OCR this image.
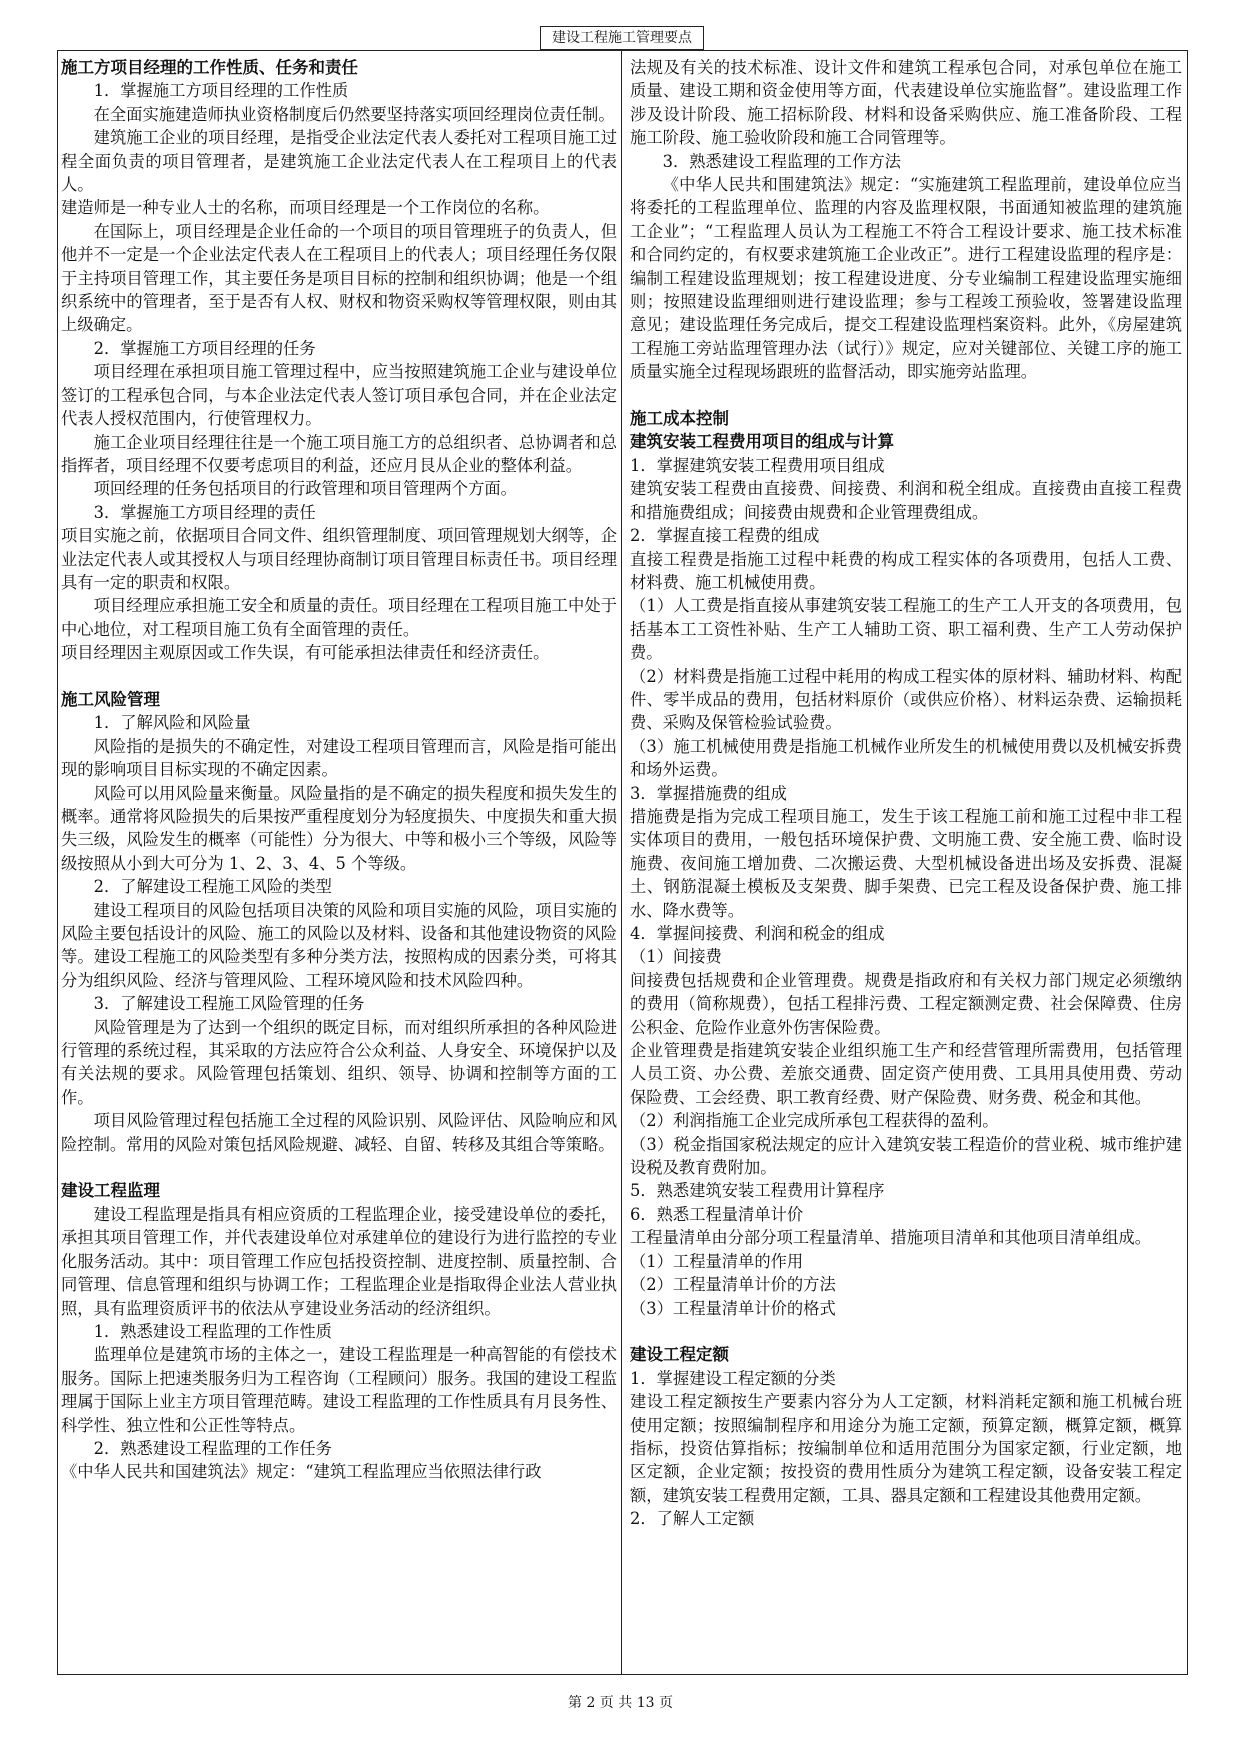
建设工程施工管理要点
施工方项目经理的工作性质、任务和责任

1．掌握施工方项目经理的工作性质

在全面实施建造师执业资格制度后仍然要坚持落实项回经理岗位责任制。

建筑施工企业的项目经理，是指受企业法定代表人委托对工程项目施工过程全面负责的项目管理者，是建筑施工企业法定代表人在工程项目上的代表人。

建造师是一种专业人士的名称，而项目经理是一个工作岗位的名称。

在国际上，项目经理是企业任命的一个项目的项目管理班子的负责人，但他并不一定是一个企业法定代表人在工程项目上的代表人；项目经理任务仅限于主持项目管理工作，其主要任务是项目目标的控制和组织协调；他是一个组织系统中的管理者，至于是否有人权、财权和物资采购权等管理权限，则由其上级确定。

2．掌握施工方项目经理的任务

项目经理在承担项目施工管理过程中，应当按照建筑施工企业与建设单位签订的工程承包合同，与本企业法定代表人签订项目承包合同，并在企业法定代表人授权范围内，行使管理权力。

施工企业项目经理往往是一个施工项目施工方的总组织者、总协调者和总指挥者，项目经理不仅要考虑项目的利益，还应月艮从企业的整体利益。

项回经理的任务包括项目的行政管理和项目管理两个方面。

3．掌握施工方项目经理的责任

项目实施之前，依据项目合同文件、组织管理制度、项回管理规划大纲等，企业法定代表人或其授权人与项目经理协商制订项目管理目标责任书。项目经理具有一定的职责和权限。

项目经理应承担施工安全和质量的责任。项目经理在工程项目施工中处于中心地位，对工程项目施工负有全面管理的责任。

项目经理因主观原因或工作失误，有可能承担法律责任和经济责任。

施工风险管理

1．了解风险和风险量

风险指的是损失的不确定性，对建设工程项目管理而言，风险是指可能出现的影响项目目标实现的不确定因素。

风险可以用风险量来衡量。风险量指的是不确定的损失程度和损失发生的概率。通常将风险损失的后果按严重程度划分为轻度损失、中度损失和重大损失三级，风险发生的概率（可能性）分为很大、中等和极小三个等级，风险等级按照从小到大可分为 1、2、3、4、5 个等级。

2．了解建设工程施工风险的类型

建设工程项目的风险包括项目决策的风险和项目实施的风险，项目实施的风险主要包括设计的风险、施工的风险以及材料、设备和其他建设物资的风险等。建设工程施工的风险类型有多种分类方法，按照构成的因素分类，可将其分为组织风险、经济与管理风险、工程环境风险和技术风险四种。

3．了解建设工程施工风险管理的任务

风险管理是为了达到一个组织的既定目标，而对组织所承担的各种风险进行管理的系统过程，其采取的方法应符合公众利益、人身安全、环境保护以及有关法规的要求。风险管理包括策划、组织、领导、协调和控制等方面的工作。

项目风险管理过程包括施工全过程的风险识别、风险评估、风险响应和风险控制。常用的风险对策包括风险规避、减轻、自留、转移及其组合等策略。

建设工程监理

建设工程监理是指具有相应资质的工程监理企业，接受建设单位的委托，承担其项目管理工作，并代表建设单位对承建单位的建设行为进行监控的专业化服务活动。其中：项目管理工作应包括投资控制、进度控制、质量控制、合同管理、信息管理和组织与协调工作；工程监理企业是指取得企业法人营业执照，具有监理资质评书的依法从亨建设业务活动的经济组织。

1．熟悉建设工程监理的工作性质

监理单位是建筑市场的主体之一，建设工程监理是一种高智能的有偿技术服务。国际上把速类服务归为工程咨询（工程顾问）服务。我国的建设工程监理属于国际上业主方项目管理范畴。建设工程监理的工作性质具有月艮务性、科学性、独立性和公正性等特点。

2．熟悉建设工程监理的工作任务

《中华人民共和国建筑法》规定：“建筑工程监理应当依照法律行政

法规及有关的技术标准、设计文件和建筑工程承包合同，对承包单位在施工质量、建设工期和资金使用等方面，代表建设单位实施监督”。建设监理工作涉及设计阶段、施工招标阶段、材料和设备采购供应、施工准备阶段、工程施工阶段、施工验收阶段和施工合同管理等。

3．熟悉建设工程监理的工作方法

《中华人民共和围建筑法》规定：“实施建筑工程监理前，建设单位应当将委托的工程监理单位、监理的内容及监理权限，书面通知被监理的建筑施工企业”；“工程监理人员认为工程施工不符合工程设计要求、施工技术标准和合同约定的，有权要求建筑施工企业改正”。进行工程建设监理的程序是：编制工程建设监理规划；按工程建设进度、分专业编制工程建设监理实施细则；按照建设监理细则进行建设监理；参与工程竣工预验收，签署建设监理意见；建设监理任务完成后，提交工程建设监理档案资料。此外，《房屋建筑工程施工旁站监理管理办法（试行）》规定，应对关键部位、关键工序的施工质量实施全过程现场跟班的监督活动，即实施旁站监理。

施工成本控制
建筑安装工程费用项目的组成与计算

1．掌握建筑安装工程费用项目组成

建筑安装工程费由直接费、间接费、利润和税全组成。直接费由直接工程费和措施费组成；间接费由规费和企业管理费组成。

2．掌握直接工程费的组成

直接工程费是指施工过程中耗费的构成工程实体的各项费用，包括人工费、材料费、施工机械使用费。

（1）人工费是指直接从事建筑安装工程施工的生产工人开支的各项费用，包括基本工工资性补贴、生产工人辅助工资、职工福利费、生产工人劳动保护费。

（2）材料费是指施工过程中耗用的构成工程实体的原材料、辅助材料、构配件、零半成品的费用，包括材料原价（或供应价格）、材料运杂费、运输损耗费、采购及保管检验试验费。

（3）施工机械使用费是指施工机械作业所发生的机械使用费以及机械安拆费和场外运费。

3．掌握措施费的组成

措施费是指为完成工程项目施工，发生于该工程施工前和施工过程中非工程实体项目的费用，一般包括环境保护费、文明施工费、安全施工费、临时设施费、夜间施工增加费、二次搬运费、大型机械设备进出场及安拆费、混凝土、钢筋混凝土模板及支架费、脚手架费、已完工程及设备保护费、施工排水、降水费等。

4．掌握间接费、利润和税金的组成

（1）间接费

间接费包括规费和企业管理费。规费是指政府和有关权力部门规定必须缴纳的费用（简称规费），包括工程排污费、工程定额测定费、社会保障费、住房公积金、危险作业意外伤害保险费。

企业管理费是指建筑安装企业组织施工生产和经营管理所需费用，包括管理人员工资、办公费、差旅交通费、固定资产使用费、工具用具使用费、劳动保险费、工会经费、职工教育经费、财产保险费、财务费、税金和其他。

（2）利润指施工企业完成所承包工程获得的盈利。

（3）税金指国家税法规定的应计入建筑安装工程造价的营业税、城市维护建设税及教育费附加。

5．熟悉建筑安装工程费用计算程序

6．熟悉工程量清单计价

工程量清单由分部分项工程量清单、措施项目清单和其他项目清单组成。

（1）工程量清单的作用

（2）工程量清单计价的方法

（3）工程量清单计价的格式

建设工程定额

1．掌握建设工程定额的分类

建设工程定额按生产要素内容分为人工定额，材料消耗定额和施工机械台班使用定额；按照编制程序和用途分为施工定额，预算定额，概算定额，概算指标，投资估算指标；按编制单位和适用范围分为国家定额，行业定额，地区定额，企业定额；按投资的费用性质分为建筑工程定额，设备安装工程定额，建筑安装工程费用定额，工具、器具定额和工程建设其他费用定额。

2．了解人工定额

第 2 页 共 13 页
